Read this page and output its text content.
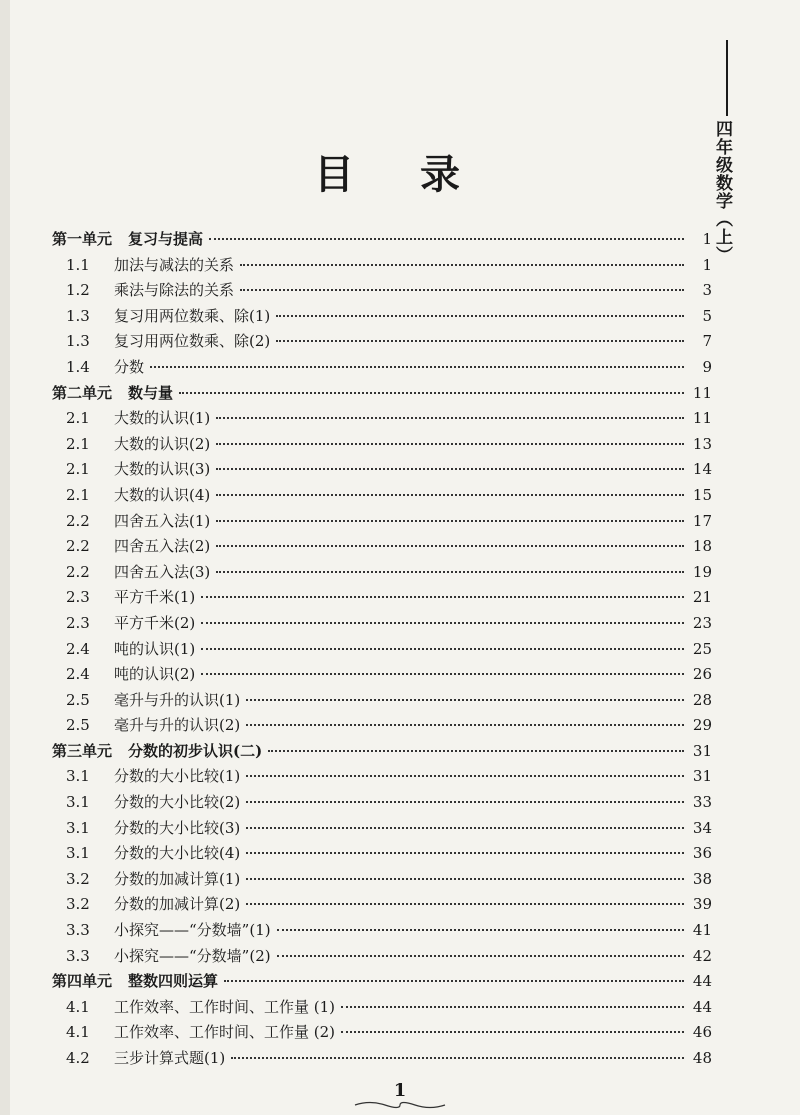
四年级数学（上）
目 录
第一单元 复习与提高	1
1.1	加法与减法的关系	1
1.2	乘法与除法的关系	3
1.3	复习用两位数乘、除(1)	5
1.3	复习用两位数乘、除(2)	7
1.4	分数	9
第二单元 数与量	11
2.1	大数的认识(1)	11
2.1	大数的认识(2)	13
2.1	大数的认识(3)	14
2.1	大数的认识(4)	15
2.2	四舍五入法(1)	17
2.2	四舍五入法(2)	18
2.2	四舍五入法(3)	19
2.3	平方千米(1)	21
2.3	平方千米(2)	23
2.4	吨的认识(1)	25
2.4	吨的认识(2)	26
2.5	毫升与升的认识(1)	28
2.5	毫升与升的认识(2)	29
第三单元 分数的初步认识(二)	31
3.1	分数的大小比较(1)	31
3.1	分数的大小比较(2)	33
3.1	分数的大小比较(3)	34
3.1	分数的大小比较(4)	36
3.2	分数的加减计算(1)	38
3.2	分数的加减计算(2)	39
3.3	小探究——“分数墙”(1)	41
3.3	小探究——“分数墙”(2)	42
第四单元 整数四则运算	44
4.1	工作效率、工作时间、工作量 (1)	44
4.1	工作效率、工作时间、工作量 (2)	46
4.2	三步计算式题(1)	48
1
